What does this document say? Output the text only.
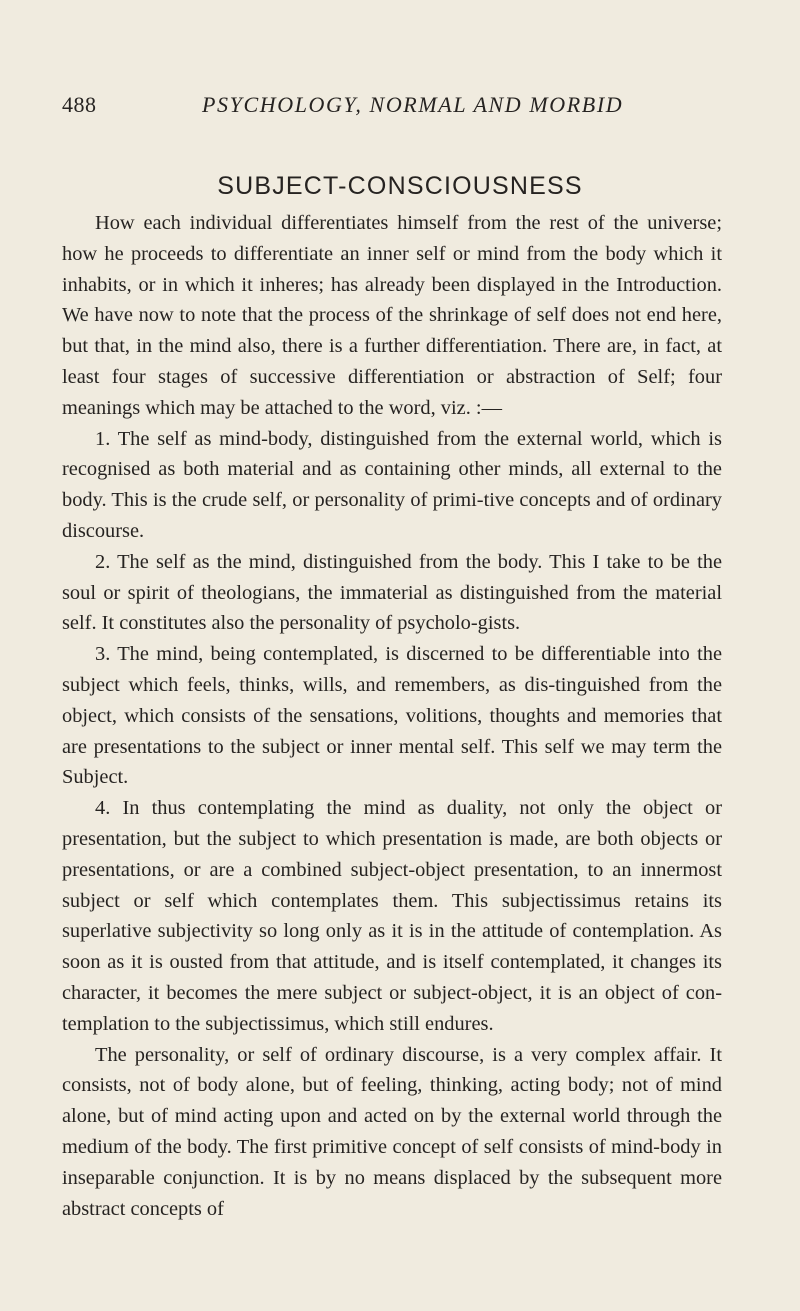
488	PSYCHOLOGY, NORMAL AND MORBID
SUBJECT-CONSCIOUSNESS

How each individual differentiates himself from the rest of the universe; how he proceeds to differentiate an inner self or mind from the body which it inhabits, or in which it inheres; has already been displayed in the Introduction. We have now to note that the process of the shrinkage of self does not end here, but that, in the mind also, there is a further differentiation. There are, in fact, at least four stages of successive differentiation or abstraction of Self; four meanings which may be attached to the word, viz. :—

1. The self as mind-body, distinguished from the external world, which is recognised as both material and as containing other minds, all external to the body. This is the crude self, or personality of primi-tive concepts and of ordinary discourse.

2. The self as the mind, distinguished from the body. This I take to be the soul or spirit of theologians, the immaterial as distinguished from the material self. It constitutes also the personality of psycholo-gists.

3. The mind, being contemplated, is discerned to be differentiable into the subject which feels, thinks, wills, and remembers, as dis-tinguished from the object, which consists of the sensations, volitions, thoughts and memories that are presentations to the subject or inner mental self. This self we may term the Subject.

4. In thus contemplating the mind as duality, not only the object or presentation, but the subject to which presentation is made, are both objects or presentations, or are a combined subject-object presentation, to an innermost subject or self which contemplates them. This subjectissimus retains its superlative subjectivity so long only as it is in the attitude of contemplation. As soon as it is ousted from that attitude, and is itself contemplated, it changes its character, it becomes the mere subject or subject-object, it is an object of con-templation to the subjectissimus, which still endures.

The personality, or self of ordinary discourse, is a very complex affair. It consists, not of body alone, but of feeling, thinking, acting body; not of mind alone, but of mind acting upon and acted on by the external world through the medium of the body. The first primitive concept of self consists of mind-body in inseparable conjunction. It is by no means displaced by the subsequent more abstract concepts of
